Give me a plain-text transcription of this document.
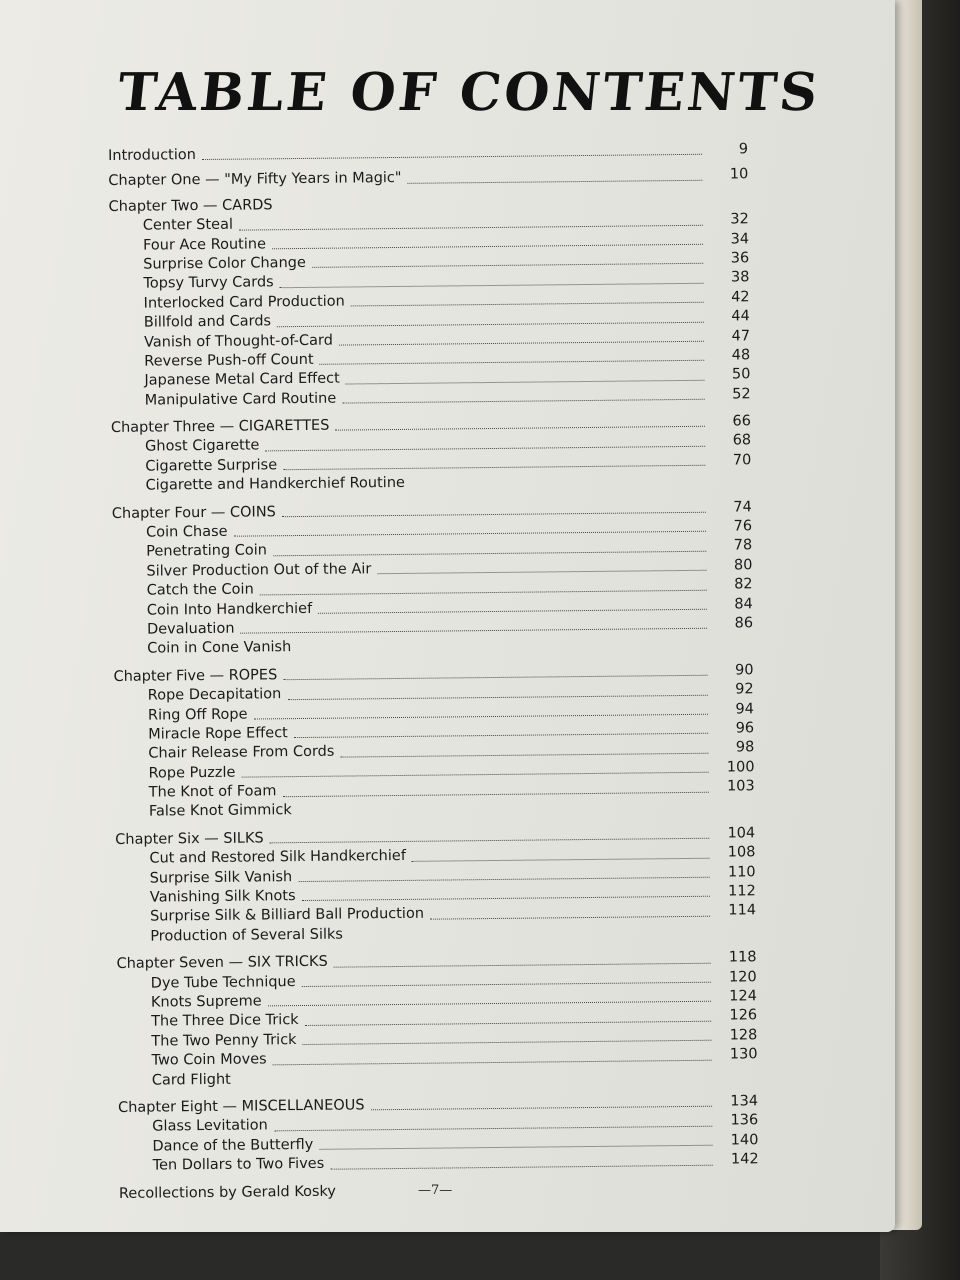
TABLE OF CONTENTS
Introduction	9
Chapter One — "My Fifty Years in Magic"	10
Chapter Two — CARDS
Center Steal	32
Four Ace Routine	34
Surprise Color Change	36
Topsy Turvy Cards	38
Interlocked Card Production	42
Billfold and Cards	44
Vanish of Thought-of-Card	47
Reverse Push-off Count	48
Japanese Metal Card Effect	50
Manipulative Card Routine	52
Chapter Three — CIGARETTES	66
Ghost Cigarette	68
Cigarette Surprise	70
Cigarette and Handkerchief Routine
Chapter Four — COINS	74
Coin Chase	76
Penetrating Coin	78
Silver Production Out of the Air	80
Catch the Coin	82
Coin Into Handkerchief	84
Devaluation	86
Coin in Cone Vanish
Chapter Five — ROPES	90
Rope Decapitation	92
Ring Off Rope	94
Miracle Rope Effect	96
Chair Release From Cords	98
Rope Puzzle	100
The Knot of Foam	103
False Knot Gimmick
Chapter Six — SILKS	104
Cut and Restored Silk Handkerchief	108
Surprise Silk Vanish	110
Vanishing Silk Knots	112
Surprise Silk & Billiard Ball Production	114
Production of Several Silks
Chapter Seven — SIX TRICKS	118
Dye Tube Technique	120
Knots Supreme	124
The Three Dice Trick	126
The Two Penny Trick	128
Two Coin Moves	130
Card Flight
Chapter Eight — MISCELLANEOUS	134
Glass Levitation	136
Dance of the Butterfly	140
Ten Dollars to Two Fives	142
Recollections by Gerald Kosky	—7—
